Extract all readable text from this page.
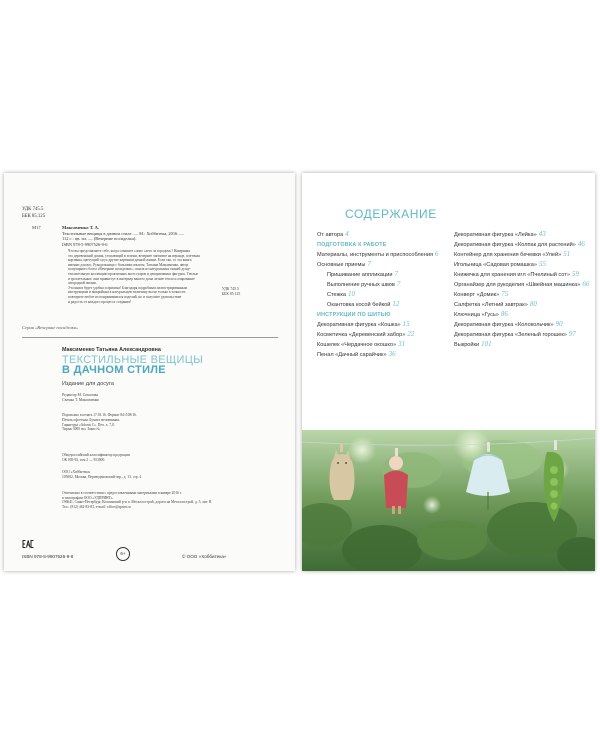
УДК 745.5
ББК 85.125
М17	Максименко Т. А.
Текстильные вещицы в дачном стиле. — М.: Хоббитека, 2016. —
112 с.: цв. ил. — (Вечерние посиделки).
ISBN 978-5-9907526-9-6
Что вы представляете себе, когда слышите слово «лето за городом»? Наверняка
это деревенский домик, утопающий в зелени, вечернее чаепитие на веранде, плетеная
корзинка, цветущий сад и другие картинки дачной жизни. Если так, то эта книга
именно для вас. Рукодельница с большим опытом, Татьяна Максименко, автор
популярного блога «Вечерние посиделки», сшила из натуральных тканей душу-
теплительную коллекцию практичных аксессуаров и декоративных фигурок. Теплые
и трогательные, они привнесут в интерьер вашего дома летнее тепло и очарование
загородной жизни.
Эта книга будет удобна и приятна! Благодаря подробным иллюстрированным
инструкциям и выкройкам в натуральную величину вы не только в точности
повторите любое из понравившихся изделий, но и получите удовольствие
и радость от каждого процесса создания!
УДК 745.5
ББК 85.125
Серия «Вечерние посиделки»
Максименко Татьяна Александровна
ТЕКСТИЛЬНЫЕ ВЕЩИЦЫ
В ДАЧНОМ СТИЛЕ
Издание для досуга
Редактор М. Соколова
Съемка Т. Максименко
Подписано в печать 17.03.16. Формат 84×108/16.
Печать офсетная. Бумага мелованная.
Гарнитура «Adonis C». Печ. л. 7,0.
Тираж 3000 экз. Заказ №
Общероссийский классификатор продукции
ОК 005-93, том 2 — 953000.
ООО «Хоббитека»
105082, Москва, Переведеновский пер., д. 13, стр. 4
Отпечатано в соответствии с предоставленными материалами в январе 2016 г.
в типографии ООО «УДПРИНТ».
196641, Санкт-Петербург, Колпинский р-н п. Металлострой, дорога на Металлострой, д. 5, лит. В
Тел.: (812) 462-83-83, e-mail: office@aprint.ru
ISBN 978-5-9907526-9-6
6+
© ООО «Хоббитека»
СОДЕРЖАНИЕ
От автора 4
ПОДГОТОВКА К РАБОТЕ
Материалы, инструменты и приспособления 6
Основные приемы 7
Пришивание аппликации 7
Выполнение ручных швов 7
Стежка 10
Окантовка косой бейкой 12
ИНСТРУКЦИИ ПО ШИТЬЮ
Декоративная фигурка «Кошка» 15
Косметичка «Деревенский забор» 22
Кошелек «Чердачное окошко» 31
Пенал «Дачный сарайчик» 36
Декоративная фигурка «Лейка» 43
Декоративная фигурка «Колпак для растений» 46
Контейнер для хранения бечевки «Улей» 51
Игольница «Садовая ромашка» 55
Книжечка для хранения игл «Пчелиный сот» 59
Органайзер для рукоделия «Швейная машинка» 66
Конверт «Домик» 75
Салфетка «Летний завтрак» 80
Ключница «Гусь» 86
Декоративная фигурка «Колокольчик» 90
Декоративная фигурка «Зеленый горошек» 97
Выкройки 101
